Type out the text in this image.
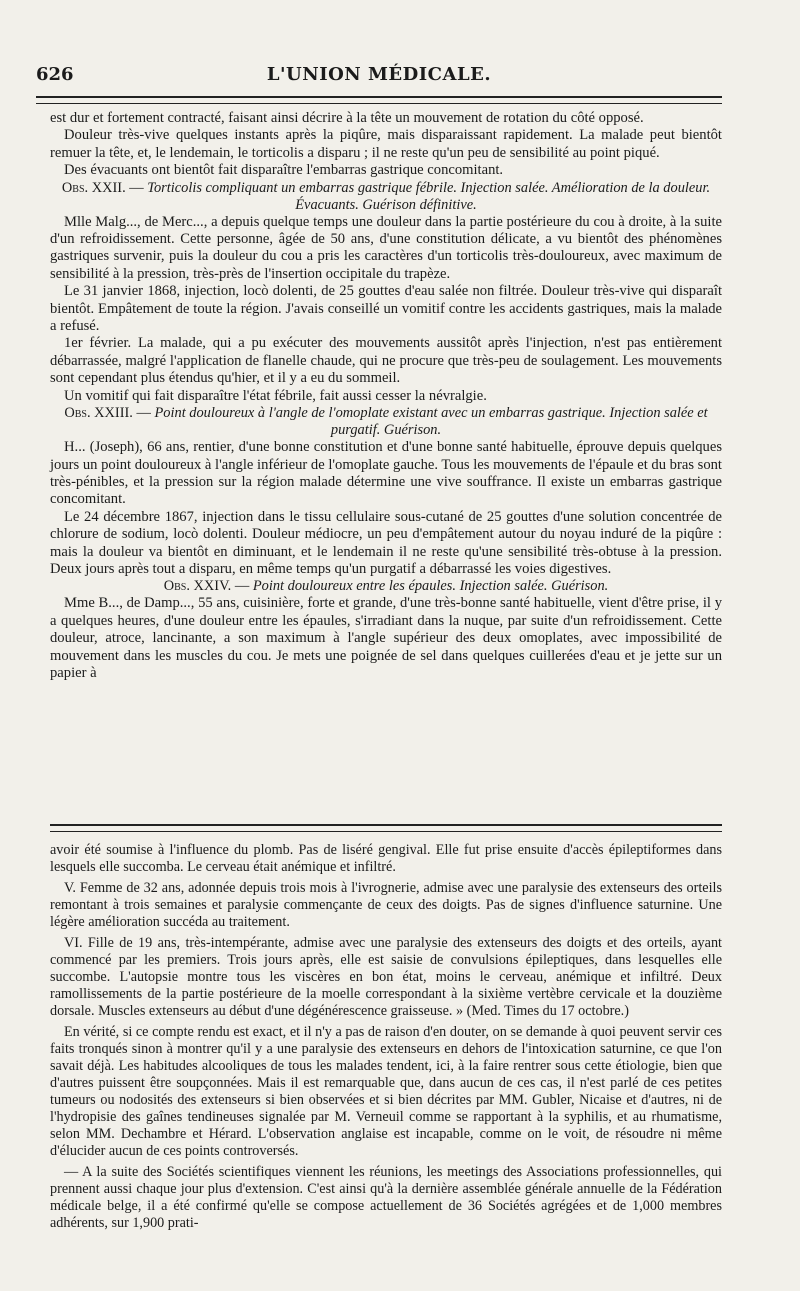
626	L'UNION MÉDICALE.

est dur et fortement contracté, faisant ainsi décrire à la tête un mouvement de rotation du côté opposé.

Douleur très-vive quelques instants après la piqûre, mais disparaissant rapidement. La malade peut bientôt remuer la tête, et, le lendemain, le torticolis a disparu ; il ne reste qu'un peu de sensibilité au point piqué.

Des évacuants ont bientôt fait disparaître l'embarras gastrique concomitant.

Obs. XXII. — Torticolis compliquant un embarras gastrique fébrile. Injection salée. Amélioration de la douleur. Évacuants. Guérison définitive.

Mlle Malg..., de Merc..., a depuis quelque temps une douleur dans la partie postérieure du cou à droite, à la suite d'un refroidissement. Cette personne, âgée de 50 ans, d'une constitution délicate, a vu bientôt des phénomènes gastriques survenir, puis la douleur du cou a pris les caractères d'un torticolis très-douloureux, avec maximum de sensibilité à la pression, très-près de l'insertion occipitale du trapèze.

Le 31 janvier 1868, injection, locò dolenti, de 25 gouttes d'eau salée non filtrée. Douleur très-vive qui disparaît bientôt. Empâtement de toute la région. J'avais conseillé un vomitif contre les accidents gastriques, mais la malade a refusé.

1er février. La malade, qui a pu exécuter des mouvements aussitôt après l'injection, n'est pas entièrement débarrassée, malgré l'application de flanelle chaude, qui ne procure que très-peu de soulagement. Les mouvements sont cependant plus étendus qu'hier, et il y a eu du sommeil.

Un vomitif qui fait disparaître l'état fébrile, fait aussi cesser la névralgie.

Obs. XXIII. — Point douloureux à l'angle de l'omoplate existant avec un embarras gastrique. Injection salée et purgatif. Guérison.

H... (Joseph), 66 ans, rentier, d'une bonne constitution et d'une bonne santé habituelle, éprouve depuis quelques jours un point douloureux à l'angle inférieur de l'omoplate gauche. Tous les mouvements de l'épaule et du bras sont très-pénibles, et la pression sur la région malade détermine une vive souffrance. Il existe un embarras gastrique concomitant.

Le 24 décembre 1867, injection dans le tissu cellulaire sous-cutané de 25 gouttes d'une solution concentrée de chlorure de sodium, locò dolenti. Douleur médiocre, un peu d'empâtement autour du noyau induré de la piqûre : mais la douleur va bientôt en diminuant, et le lendemain il ne reste qu'une sensibilité très-obtuse à la pression. Deux jours après tout a disparu, en même temps qu'un purgatif a débarrassé les voies digestives.

Obs. XXIV. — Point douloureux entre les épaules. Injection salée. Guérison.

Mme B..., de Damp..., 55 ans, cuisinière, forte et grande, d'une très-bonne santé habituelle, vient d'être prise, il y a quelques heures, d'une douleur entre les épaules, s'irradiant dans la nuque, par suite d'un refroidissement. Cette douleur, atroce, lancinante, a son maximum à l'angle supérieur des deux omoplates, avec impossibilité de mouvement dans les muscles du cou. Je mets une poignée de sel dans quelques cuillerées d'eau et je jette sur un papier à

avoir été soumise à l'influence du plomb. Pas de liséré gengival. Elle fut prise ensuite d'accès épileptiformes dans lesquels elle succomba. Le cerveau était anémique et infiltré.

V. Femme de 32 ans, adonnée depuis trois mois à l'ivrognerie, admise avec une paralysie des extenseurs des orteils remontant à trois semaines et paralysie commençante de ceux des doigts. Pas de signes d'influence saturnine. Une légère amélioration succéda au traitement.

VI. Fille de 19 ans, très-intempérante, admise avec une paralysie des extenseurs des doigts et des orteils, ayant commencé par les premiers. Trois jours après, elle est saisie de convulsions épileptiques, dans lesquelles elle succombe. L'autopsie montre tous les viscères en bon état, moins le cerveau, anémique et infiltré. Deux ramollissements de la partie postérieure de la moelle correspondant à la sixième vertèbre cervicale et la douzième dorsale. Muscles extenseurs au début d'une dégénérescence graisseuse. » (Med. Times du 17 octobre.)

En vérité, si ce compte rendu est exact, et il n'y a pas de raison d'en douter, on se demande à quoi peuvent servir ces faits tronqués sinon à montrer qu'il y a une paralysie des extenseurs en dehors de l'intoxication saturnine, ce que l'on savait déjà. Les habitudes alcooliques de tous les malades tendent, ici, à la faire rentrer sous cette étiologie, bien que d'autres puissent être soupçonnées. Mais il est remarquable que, dans aucun de ces cas, il n'est parlé de ces petites tumeurs ou nodosités des extenseurs si bien observées et si bien décrites par MM. Gubler, Nicaise et d'autres, ni de l'hydropisie des gaînes tendineuses signalée par M. Verneuil comme se rapportant à la syphilis, et au rhumatisme, selon MM. Dechambre et Hérard. L'observation anglaise est incapable, comme on le voit, de résoudre ni même d'élucider aucun de ces points controversés.

— A la suite des Sociétés scientifiques viennent les réunions, les meetings des Associations professionnelles, qui prennent aussi chaque jour plus d'extension. C'est ainsi qu'à la dernière assemblée générale annuelle de la Fédération médicale belge, il a été confirmé qu'elle se compose actuellement de 36 Sociétés agrégées et de 1,000 membres adhérents, sur 1,900 prati-
